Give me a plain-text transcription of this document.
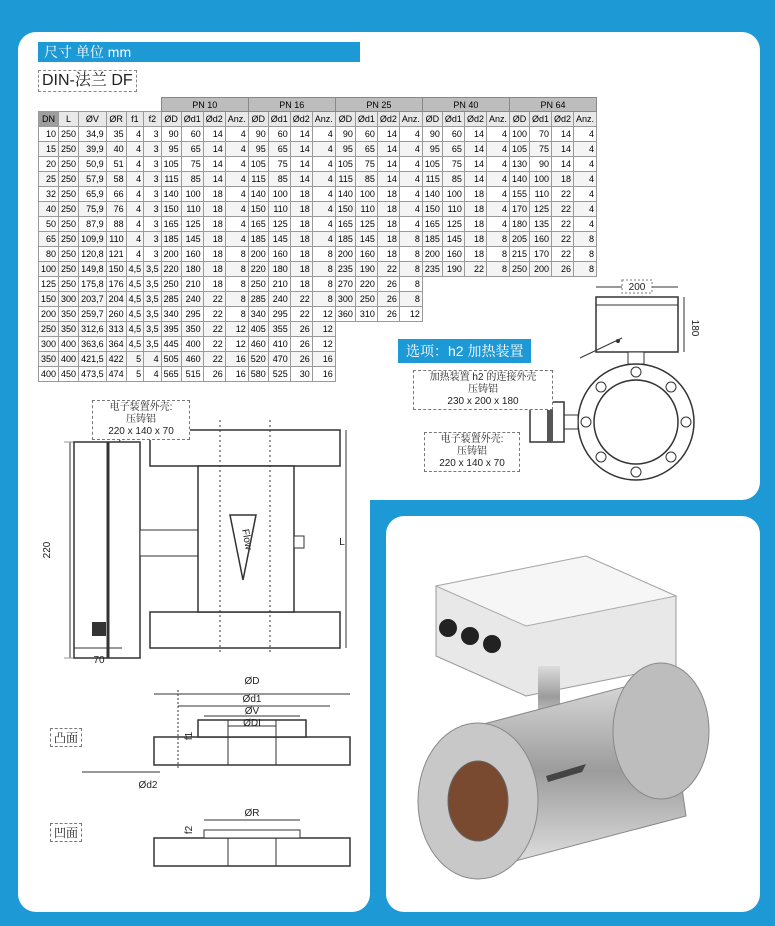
尺寸 单位 mm
DIN-法兰 DF
						PN 10				PN 16				PN 25				PN 40				PN 64			
DN	L	ØV	ØR	f1	f2	ØD	Ød1	Ød2	Anz.	ØD	Ød1	Ød2	Anz.	ØD	Ød1	Ød2	Anz.	ØD	Ød1	Ød2	Anz.	ØD	Ød1	Ød2	Anz.
10	250	34,9	35	4	3	90	60	14	4	90	60	14	4	90	60	14	4	90	60	14	4	100	70	14	4
15	250	39,9	40	4	3	95	65	14	4	95	65	14	4	95	65	14	4	95	65	14	4	105	75	14	4
20	250	50,9	51	4	3	105	75	14	4	105	75	14	4	105	75	14	4	105	75	14	4	130	90	14	4
25	250	57,9	58	4	3	115	85	14	4	115	85	14	4	115	85	14	4	115	85	14	4	140	100	18	4
32	250	65,9	66	4	3	140	100	18	4	140	100	18	4	140	100	18	4	140	100	18	4	155	110	22	4
40	250	75,9	76	4	3	150	110	18	4	150	110	18	4	150	110	18	4	150	110	18	4	170	125	22	4
50	250	87,9	88	4	3	165	125	18	4	165	125	18	4	165	125	18	4	165	125	18	4	180	135	22	4
65	250	109,9	110	4	3	185	145	18	4	185	145	18	4	185	145	18	8	185	145	18	8	205	160	22	8
80	250	120,8	121	4	3	200	160	18	8	200	160	18	8	200	160	18	8	200	160	18	8	215	170	22	8
100	250	149,8	150	4,5	3,5	220	180	18	8	220	180	18	8	235	190	22	8	235	190	22	8	250	200	26	8
125	250	175,8	176	4,5	3,5	250	210	18	8	250	210	18	8	270	220	26	8								
150	300	203,7	204	4,5	3,5	285	240	22	8	285	240	22	8	300	250	26	8								
200	350	259,7	260	4,5	3,5	340	295	22	8	340	295	22	12	360	310	26	12								
250	350	312,6	313	4,5	3,5	395	350	22	12	405	355	26	12												
300	400	363,6	364	4,5	3,5	445	400	22	12	460	410	26	12												
350	400	421,5	422	5	4	505	460	22	16	520	470	26	16												
400	450	473,5	474	5	4	565	515	26	16	580	525	30	16												
200
180
选项：h2 加热装置
加热装置 h2 的连接外壳
压铸铝
230 x 200 x 180
电子装置外壳:
压铸铝
220 x 140 x 70
220
70
Flow	L
ØD
Ød1
ØV
ØDI
f1
Ød2
ØR
f2
电子装置外壳:
压铸铝
220 x 140 x 70
凸面
凹面
